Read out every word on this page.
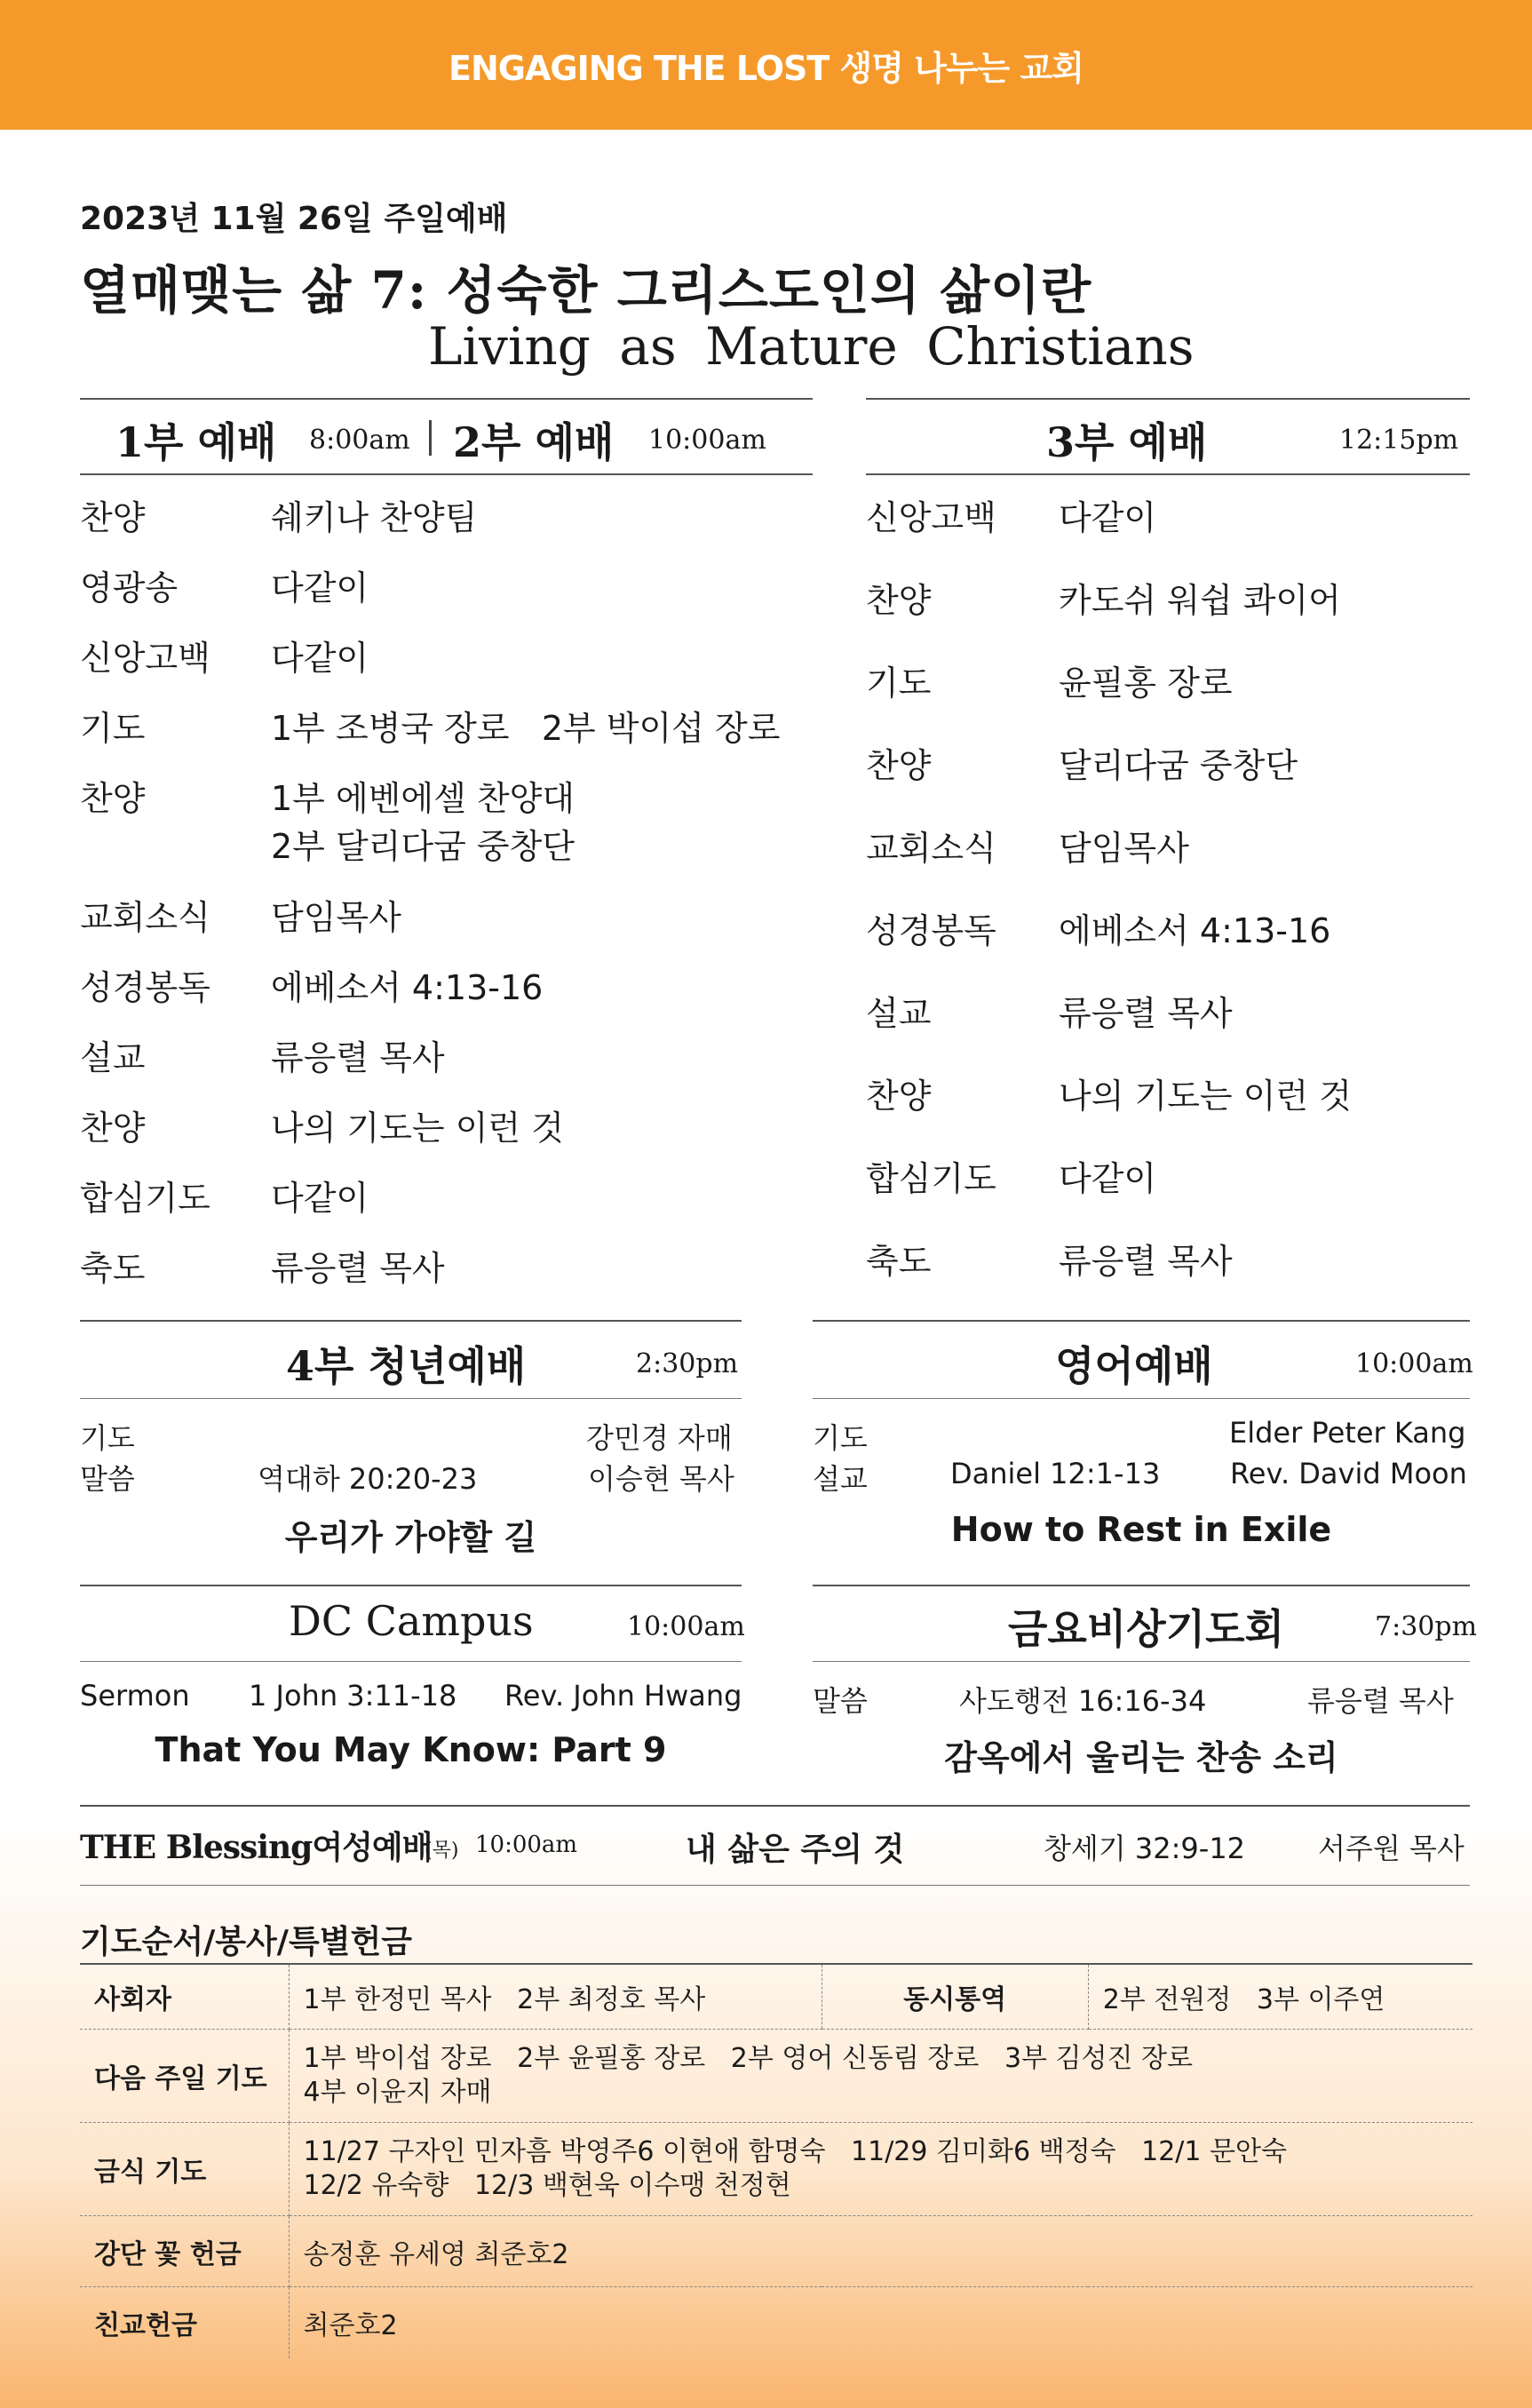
ENGAGING THE LOST 생명 나누는 교회
2023년 11월 26일 주일예배
열매맺는 삶 7: 성숙한 그리스도인의 삶이란
Living as Mature Christians
1부 예배 8:00am 2부 예배 10:00am	3부 예배	12:15pm
찬양	쉐키나 찬양팀
영광송	다같이
신앙고백 다같이
기도	1부 조병국 장로   2부 박이섭 장로
찬양	1부 에벤에셀 찬양대
2부 달리다굼 중창단
교회소식 담임목사
성경봉독 에베소서 4:13-16
설교	류응렬 목사
찬양	나의 기도는 이런 것
합심기도 다같이
축도	류응렬 목사
신앙고백 다같이
찬양	카도쉬 워쉽 콰이어
기도	윤필홍 장로
찬양	달리다굼 중창단
교회소식 담임목사
성경봉독 에베소서 4:13-16
설교	류응렬 목사
찬양	나의 기도는 이런 것
합심기도 다같이
축도	류응렬 목사
4부 청년예배	2:30pm
기도	강민경 자매
말씀	역대하 20:20-23	이승현 목사
우리가 가야할 길
영어예배	10:00am
기도	Elder Peter Kang
설교	Daniel 12:1-13 Rev. David Moon
How to Rest in Exile
DC Campus	10:00am
Sermon 1 John 3:11-18 Rev. John Hwang
That You May Know: Part 9
금요비상기도회	7:30pm
말씀	사도행전 16:16-34	류응렬 목사
감옥에서 울리는 찬송 소리
THE Blessing여성예배
(목) 10:00am	내 삶은 주의 것	창세기 32:9-12	서주원 목사
기도순서/봉사/특별헌금
사회자	1부 한정민 목사   2부 최정호 목사	동시통역	2부 전원정   3부 이주연
다음 주일 기도	1부 박이섭 장로   2부 윤필홍 장로   2부 영어 신동림 장로   3부 김성진 장로
4부 이윤지 자매		

금식 기도	11/27 구자인 민자흠 박영주6 이현애 함명숙   11/29 김미화6 백정숙   12/1 문안숙
12/2 유숙향   12/3 백현욱 이수맹 천정현		

강단 꽃 헌금	송정훈 유세영 최준호2		
친교헌금	최준호2		
